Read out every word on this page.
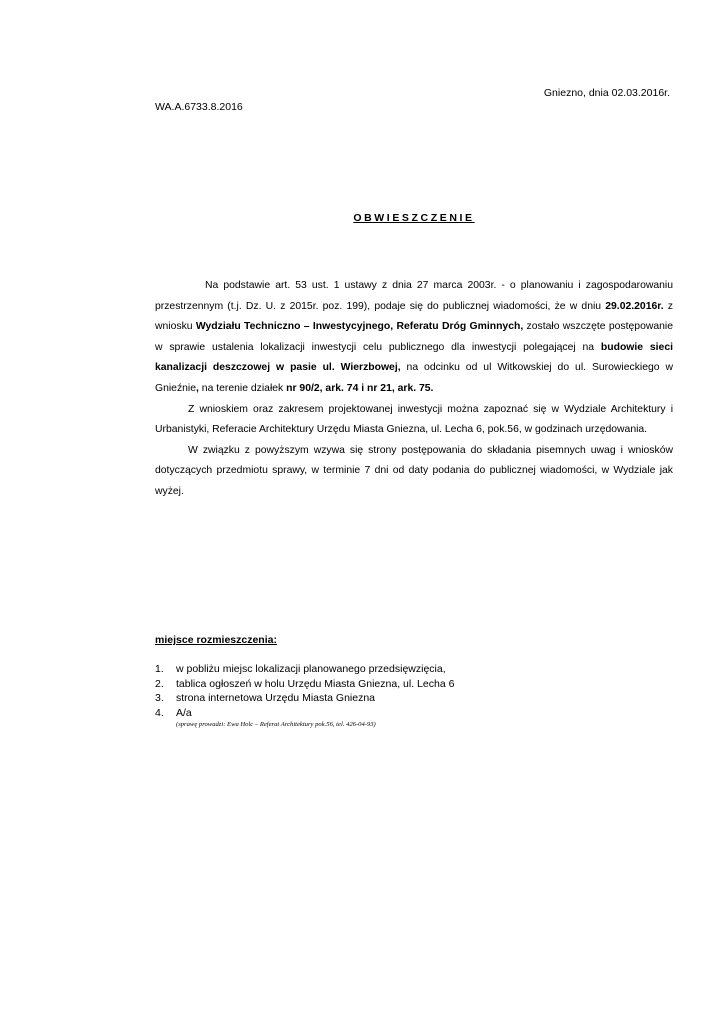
Gniezno, dnia 02.03.2016r.
WA.A.6733.8.2016
OBWIESZCZENIE

Na podstawie art. 53 ust. 1 ustawy z dnia 27 marca 2003r. - o planowaniu i zagospodarowaniu przestrzennym (t.j. Dz. U. z 2015r. poz. 199), podaje się do publicznej wiadomości, że w dniu 29.02.2016r. z wniosku Wydziału Techniczno – Inwestycyjnego, Referatu Dróg Gminnych, zostało wszczęte postępowanie w sprawie ustalenia lokalizacji inwestycji celu publicznego dla inwestycji polegającej na budowie sieci kanalizacji deszczowej w pasie ul. Wierzbowej, na odcinku od ul Witkowskiej do ul. Surowieckiego w Gnieźnie, na terenie działek nr 90/2, ark. 74 i nr 21, ark. 75.

Z wnioskiem oraz zakresem projektowanej inwestycji można zapoznać się w Wydziale Architektury i Urbanistyki, Referacie Architektury Urzędu Miasta Gniezna, ul. Lecha 6, pok.56, w godzinach urzędowania.

W związku z powyższym wzywa się strony postępowania do składania pisemnych uwag i wniosków dotyczących przedmiotu sprawy, w terminie 7 dni od daty podania do publicznej wiadomości, w Wydziale jak wyżej.

miejsce rozmieszczenia:
1.	w pobliżu miejsc lokalizacji planowanego przedsięwzięcia,
2.	tablica ogłoszeń w holu Urzędu Miasta Gniezna, ul. Lecha 6
3.	strona internetowa Urzędu Miasta Gniezna
4.	A/a
(sprawę prowadzi: Ewa Holc – Referat Architektury pok.56, tel. 426-04-93)
